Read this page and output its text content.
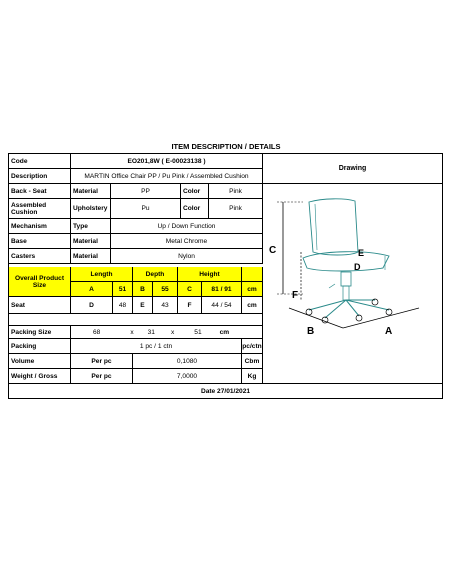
ITEM DESCRIPTION / DETAILS
Code	EO201,8W ( E-00023138 )
Description	MARTIN Office Chair PP / Pu Pink / Assembled Cushion
Drawing
C
F
E
D
B	A
Back - Seat	Material	PP	Color	Pink
Assembled Cushion	Upholstery	Pu	Color	Pink
Mechanism	Type	Up / Down Function
Base	Material	Metal Chrome
Casters	Material	Nylon
Overall Product Size
Length	Depth	Height
A	51	B	55	C	81 / 91	cm
Seat	D	48	E	43	F	44 / 54	cm
Packing Size	68	x 31 x	51	cm
Packing	1 pc / 1 ctn	pc/ctn
Volume	Per pc	0,1080	Cbm
Weight / Gross	Per pc	7,0000	Kg
Date 27/01/2021
